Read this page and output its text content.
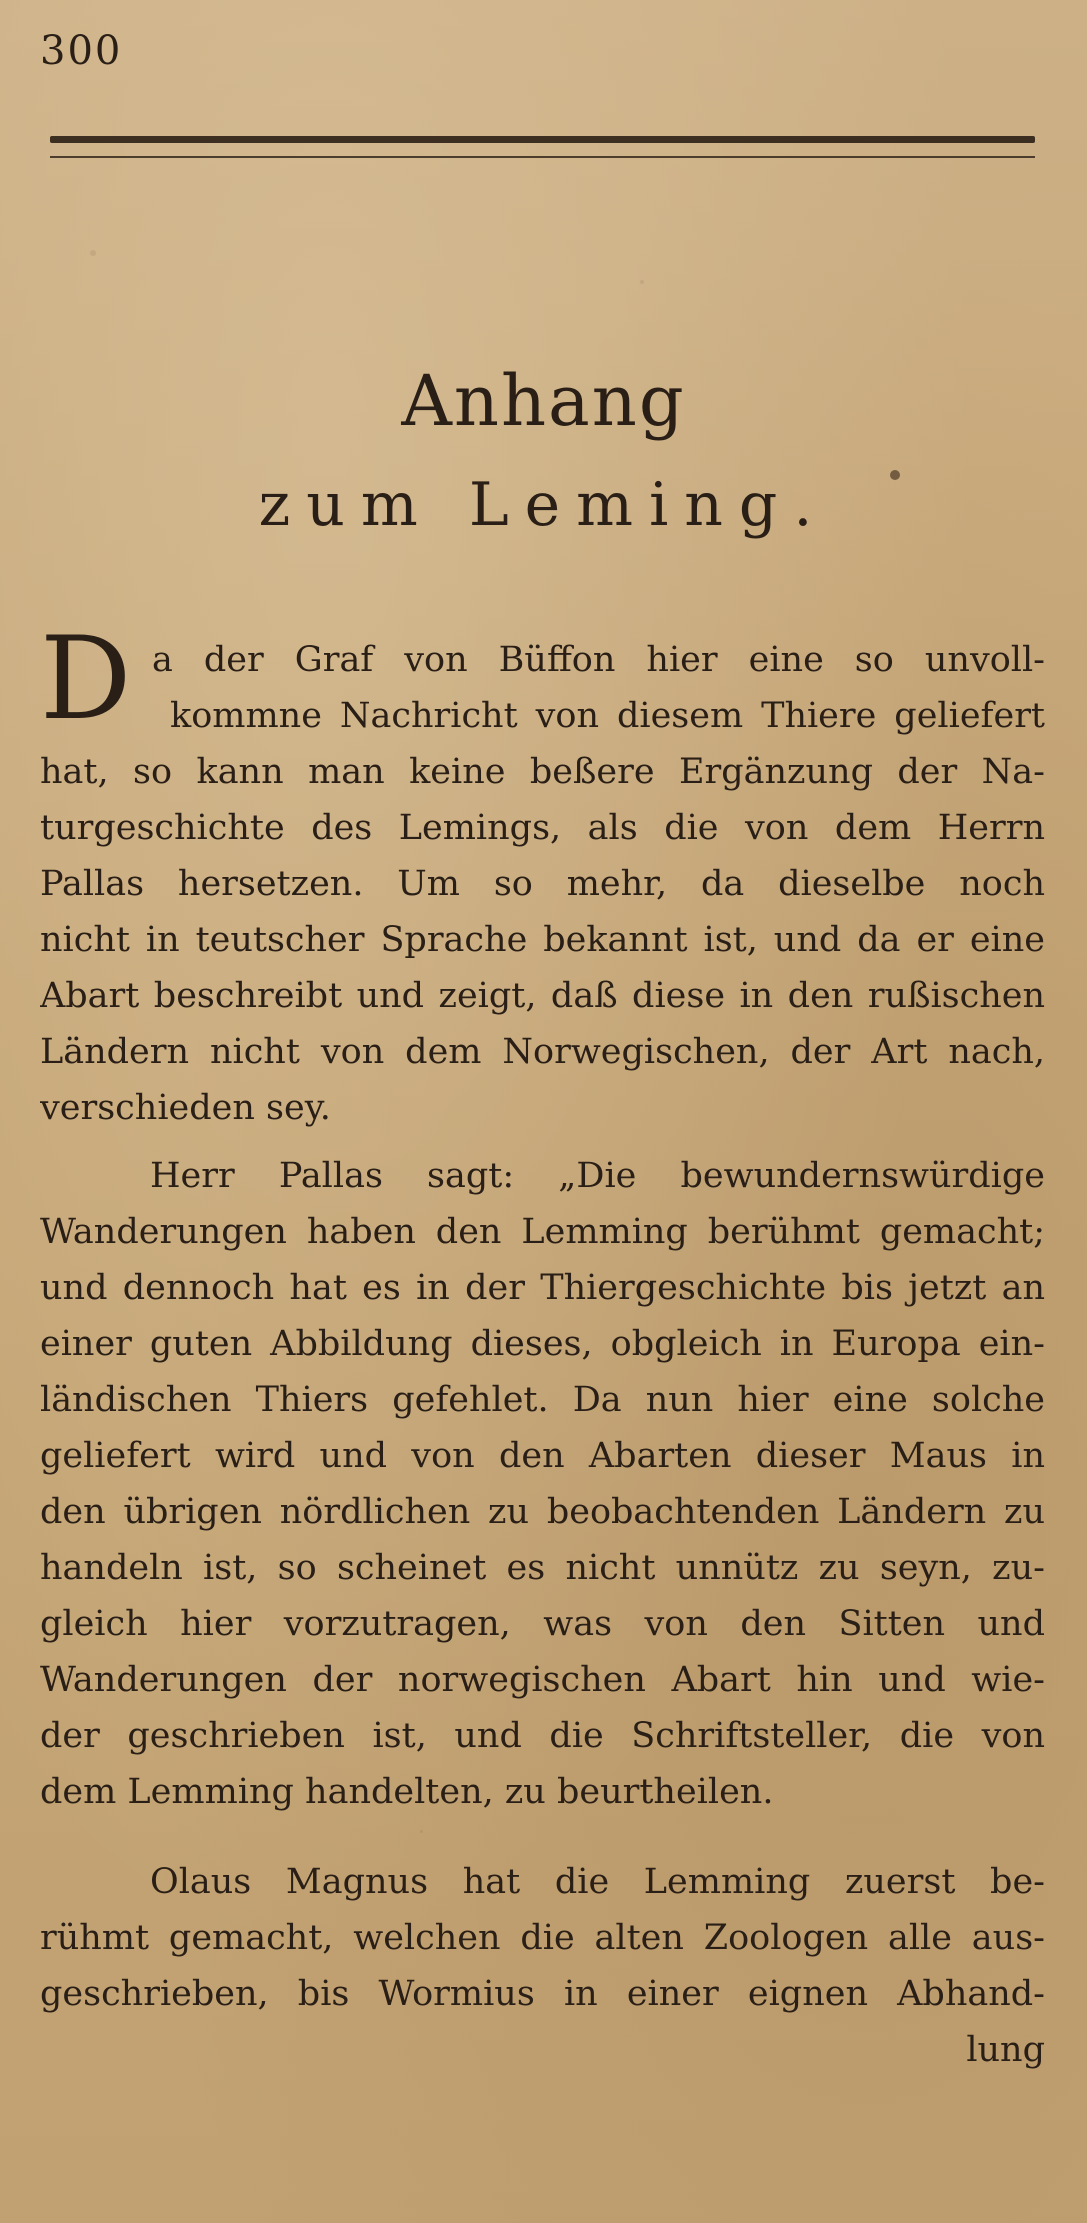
300
Anhang
zum Leming.
D a der Graf von Büffon hier eine so unvoll-
kommne Nachricht von diesem Thiere geliefert
hat, so kann man keine beßere Ergänzung der Na-
turgeschichte des Lemings, als die von dem Herrn
Pallas hersetzen. Um so mehr, da dieselbe noch
nicht in teutscher Sprache bekannt ist, und da er eine
Abart beschreibt und zeigt, daß diese in den rußischen
Ländern nicht von dem Norwegischen, der Art nach,
verschieden sey.
Herr Pallas sagt: „Die bewundernswürdige
Wanderungen haben den Lemming berühmt gemacht;
und dennoch hat es in der Thiergeschichte bis jetzt an
einer guten Abbildung dieses, obgleich in Europa ein-
ländischen Thiers gefehlet. Da nun hier eine solche
geliefert wird und von den Abarten dieser Maus in
den übrigen nördlichen zu beobachtenden Ländern zu
handeln ist, so scheinet es nicht unnütz zu seyn, zu-
gleich hier vorzutragen, was von den Sitten und
Wanderungen der norwegischen Abart hin und wie-
der geschrieben ist, und die Schriftsteller, die von
dem Lemming handelten, zu beurtheilen.
Olaus Magnus hat die Lemming zuerst be-
rühmt gemacht, welchen die alten Zoologen alle aus-
geschrieben, bis Wormius in einer eignen Abhand-
lung
